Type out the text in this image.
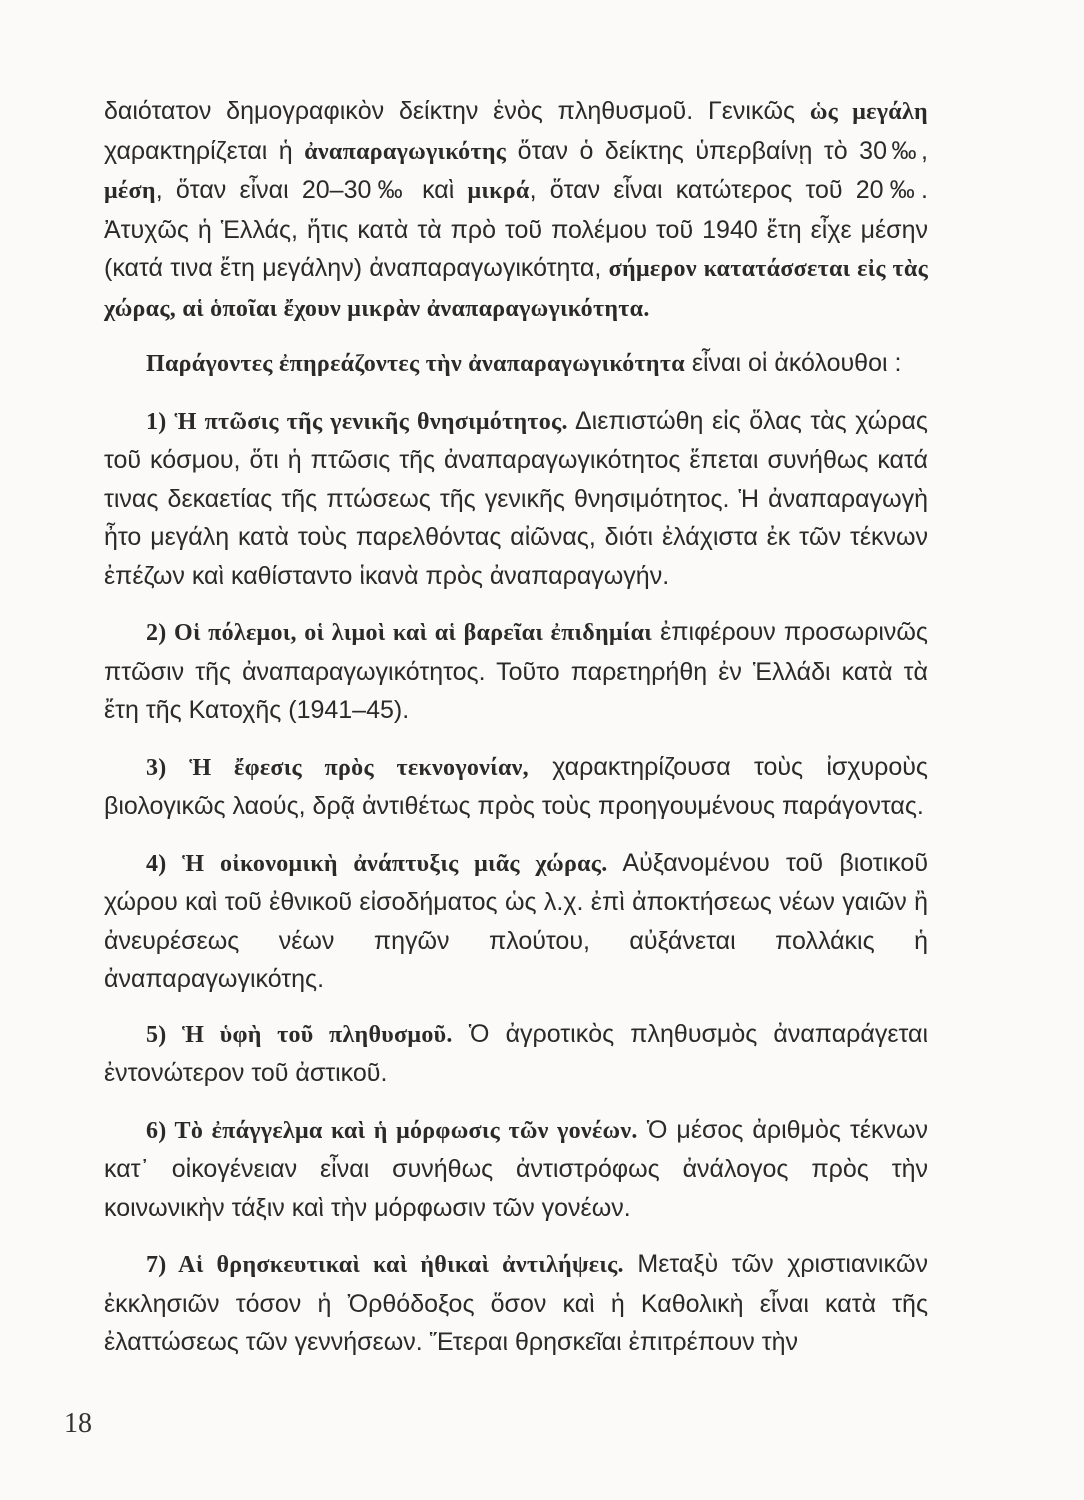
δαιότατον δημογραφικὸν δείκτην ἑνὸς πληθυσμοῦ. Γενικῶς ὡς μεγάλη χαρακτηρίζεται ἡ ἀναπαραγωγικότης ὅταν ὁ δείκτης ὑπερβαίνῃ τὸ 30‰, μέση, ὅταν εἶναι 20–30‰ καὶ μικρά, ὅταν εἶναι κατώτερος τοῦ 20‰. Ἀτυχῶς ἡ Ἑλλάς, ἥτις κατὰ τὰ πρὸ τοῦ πολέμου τοῦ 1940 ἔτη εἶχε μέσην (κατά τινα ἔτη μεγάλην) ἀναπαραγωγικότητα, σήμερον κατατάσσεται εἰς τὰς χώρας, αἱ ὁποῖαι ἔχουν μικρὰν ἀναπαραγωγικότητα.

Παράγοντες ἐπηρεάζοντες τὴν ἀναπαραγωγικότητα εἶναι οἱ ἀκόλουθοι :

1) Ἡ πτῶσις τῆς γενικῆς θνησιμότητος. Διεπιστώθη εἰς ὅλας τὰς χώρας τοῦ κόσμου, ὅτι ἡ πτῶσις τῆς ἀναπαραγωγικότητος ἕπεται συνήθως κατά τινας δεκαετίας τῆς πτώσεως τῆς γενικῆς θνησιμότητος. Ἡ ἀναπαραγωγὴ ἦτο μεγάλη κατὰ τοὺς παρελθόντας αἰῶνας, διότι ἐλάχιστα ἐκ τῶν τέκνων ἐπέζων καὶ καθίσταντο ἱκανὰ πρὸς ἀναπαραγωγήν.

2) Οἱ πόλεμοι, οἱ λιμοὶ καὶ αἱ βαρεῖαι ἐπιδημίαι ἐπιφέρουν προσωρινῶς πτῶσιν τῆς ἀναπαραγωγικότητος. Τοῦτο παρετηρήθη ἐν Ἑλλάδι κατὰ τὰ ἔτη τῆς Κατοχῆς (1941–45).

3) Ἡ ἔφεσις πρὸς τεκνογονίαν, χαρακτηρίζουσα τοὺς ἰσχυροὺς βιολογικῶς λαούς, δρᾷ ἀντιθέτως πρὸς τοὺς προηγουμένους παράγοντας.

4) Ἡ οἰκονομικὴ ἀνάπτυξις μιᾶς χώρας. Αὐξανομένου τοῦ βιοτικοῦ χώρου καὶ τοῦ ἐθνικοῦ εἰσοδήματος ὡς λ.χ. ἐπὶ ἀποκτήσεως νέων γαιῶν ἢ ἀνευρέσεως νέων πηγῶν πλούτου, αὐξάνεται πολλάκις ἡ ἀναπαραγωγικότης.

5) Ἡ ὑφὴ τοῦ πληθυσμοῦ. Ὁ ἀγροτικὸς πληθυσμὸς ἀναπαράγεται ἐντονώτερον τοῦ ἀστικοῦ.

6) Τὸ ἐπάγγελμα καὶ ἡ μόρφωσις τῶν γονέων. Ὁ μέσος ἀριθμὸς τέκνων κατ᾽ οἰκογένειαν εἶναι συνήθως ἀντιστρόφως ἀνάλογος πρὸς τὴν κοινωνικὴν τάξιν καὶ τὴν μόρφωσιν τῶν γονέων.

7) Αἱ θρησκευτικαὶ καὶ ἠθικαὶ ἀντιλήψεις. Μεταξὺ τῶν χριστιανικῶν ἐκκλησιῶν τόσον ἡ Ὀρθόδοξος ὅσον καὶ ἡ Καθολικὴ εἶναι κατὰ τῆς ἐλαττώσεως τῶν γεννήσεων. Ἕτεραι θρησκεῖαι ἐπιτρέπουν τὴν

18
